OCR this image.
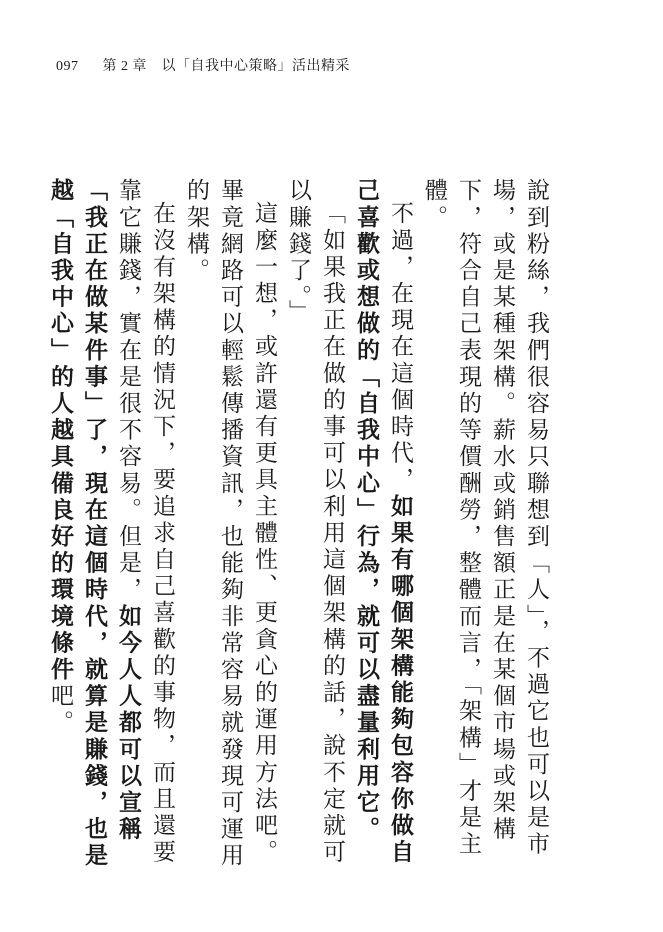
097 第 2 章　以「自我中心策略」活出精采

說到粉絲，我們很容易只聯想到「人」，不過它也可以是市場，或是某種架構。薪水或銷售額正是在某個市場或架構下，符合自己表現的等價酬勞，整體而言，「架構」才是主體。

不過，在現在這個時代，如果有哪個架構能夠包容你做自己喜歡或想做的「自我中心」行為，就可以盡量利用它。

「如果我正在做的事可以利用這個架構的話，說不定就可以賺錢了。」

這麼一想，或許還有更具主體性、更貪心的運用方法吧。畢竟網路可以輕鬆傳播資訊，也能夠非常容易就發現可運用的架構。

在沒有架構的情況下，要追求自己喜歡的事物，而且還要靠它賺錢，實在是很不容易。但是，如今人人都可以宣稱「我正在做某件事」了，現在這個時代，就算是賺錢，也是越「自我中心」的人越具備良好的環境條件吧。
